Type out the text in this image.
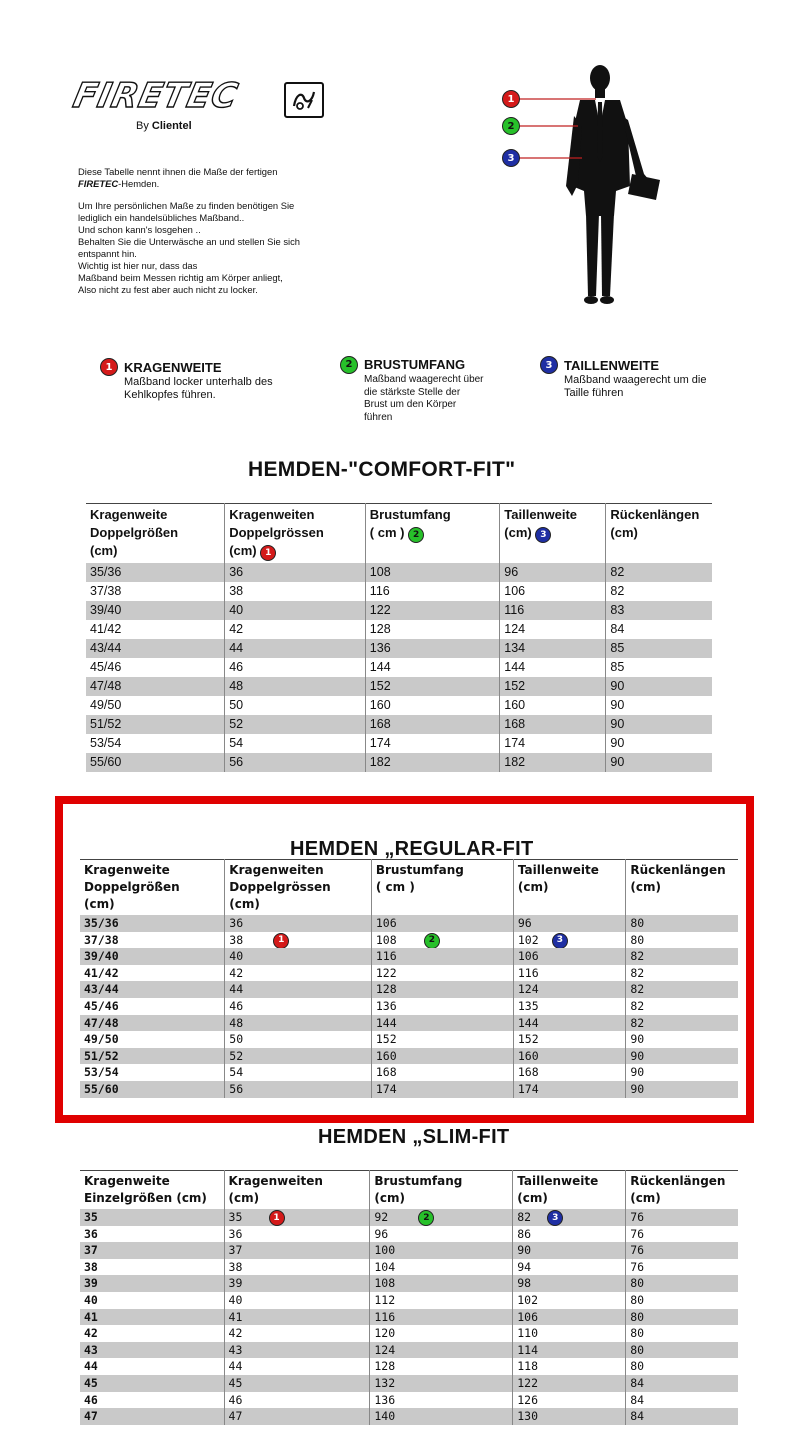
FIRETEC
By Clientel

Diese Tabelle nennt ihnen die Maße der fertigen
FIRETEC-Hemden.

Um Ihre persönlichen Maße zu finden benötigen Sie
lediglich ein handelsübliches Maßband..
Und schon kann's losgehen ..
Behalten Sie die Unterwäsche an und stellen Sie sich
entspannt hin.
Wichtig ist hier nur, dass das
Maßband beim Messen richtig am Körper anliegt,
Also nicht zu fest aber auch nicht zu locker.

1
2
3
1 KRAGENWEITE
Maßband locker unterhalb des
Kehlkopfes führen.
2 BRUSTUMFANG
Maßband waagerecht über
die stärkste Stelle der
Brust um den Körper
führen
3 TAILLENWEITE
Maßband waagerecht um die
Taille führen
HEMDEN-"COMFORT-FIT"
Kragenweite
Doppelgrößen
(cm)	Kragenweiten
Doppelgrössen
(cm) 1	Brustumfang
( cm ) 2	Taillenweite
(cm) 3	Rückenlängen
(cm)
35/36	36	108	96	82
37/38	38	116	106	82
39/40	40	122	116	83
41/42	42	128	124	84
43/44	44	136	134	85
45/46	46	144	144	85
47/48	48	152	152	90
49/50	50	160	160	90
51/52	52	168	168	90
53/54	54	174	174	90
55/60	56	182	182	90
HEMDEN „REGULAR-FIT
Kragenweite
Doppelgrößen
(cm)	Kragenweiten
Doppelgrössen
(cm)	Brustumfang
( cm )	Taillenweite
(cm)	Rückenlängen
(cm)
35/36	36	106	96	80
37/38	38 1	108 2	102 3	80
39/40	40	116	106	82
41/42	42	122	116	82
43/44	44	128	124	82
45/46	46	136	135	82
47/48	48	144	144	82
49/50	50	152	152	90
51/52	52	160	160	90
53/54	54	168	168	90
55/60	56	174	174	90
HEMDEN „SLIM-FIT
Kragenweite
Einzelgrößen (cm)	Kragenweiten
(cm)	Brustumfang
(cm)	Taillenweite
(cm)	Rückenlängen
(cm)
35	35 1	92 2	82 3	76
36	36	96	86	76
37	37	100	90	76
38	38	104	94	76
39	39	108	98	80
40	40	112	102	80
41	41	116	106	80
42	42	120	110	80
43	43	124	114	80
44	44	128	118	80
45	45	132	122	84
46	46	136	126	84
47	47	140	130	84
